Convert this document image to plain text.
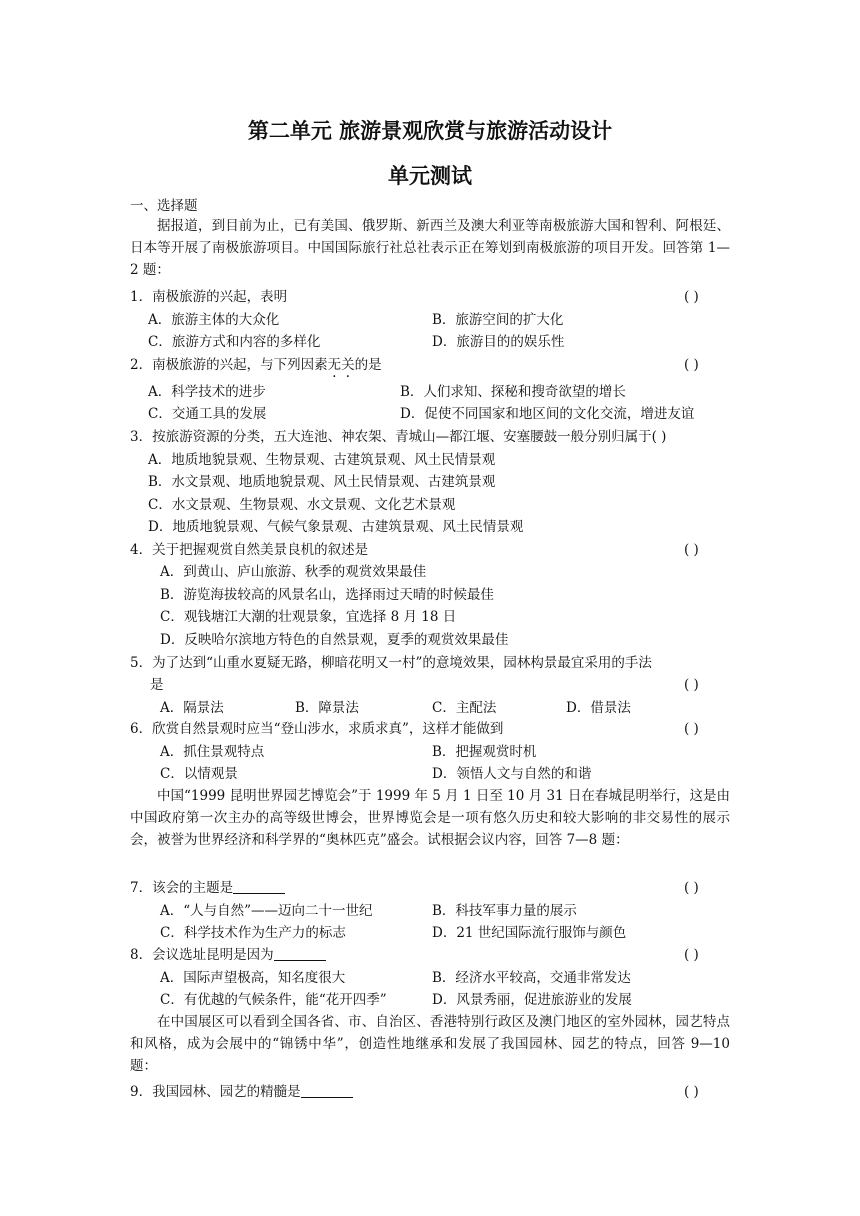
第二单元 旅游景观欣赏与旅游活动设计
单元测试
一、选择题
据报道，到目前为止，已有美国、俄罗斯、新西兰及澳大利亚等南极旅游大国和智利、阿根廷、日本等开展了南极旅游项目。中国国际旅行社总社表示正在筹划到南极旅游的项目开发。回答第 1—2 题：
1．南极旅游的兴起，表明	( )
A．旅游主体的大众化	B．旅游空间的扩大化
C．旅游方式和内容的多样化	D．旅游目的的娱乐性
2．南极旅游的兴起，与下列因素无关的是	( )
A．科学技术的进步	B．人们求知、探秘和搜奇欲望的增长
C．交通工具的发展	D．促使不同国家和地区间的文化交流，增进友谊
3．按旅游资源的分类，五大连池、神农架、青城山—都江堰、安塞腰鼓一般分别归属于( )
A．地质地貌景观、生物景观、古建筑景观、风土民情景观
B．水文景观、地质地貌景观、风土民情景观、古建筑景观
C．水文景观、生物景观、水文景观、文化艺术景观
D．地质地貌景观、气候气象景观、古建筑景观、风土民情景观
4．关于把握观赏自然美景良机的叙述是	( )
A．到黄山、庐山旅游、秋季的观赏效果最佳
B．游览海拔较高的风景名山，选择雨过天晴的时候最佳
C．观钱塘江大潮的壮观景象，宜选择 8 月 18 日
D．反映哈尔滨地方特色的自然景观，夏季的观赏效果最佳
5．为了达到“山重水夏疑无路，柳暗花明又一村”的意境效果，园林构景最宜采用的手法
是	( )
A．隔景法	B．障景法	C．主配法	D．借景法
6．欣赏自然景观时应当“登山涉水，求质求真”，这样才能做到	( )
A．抓住景观特点	B．把握观赏时机
C．以情观景	D．领悟人文与自然的和谐
中国“1999 昆明世界园艺博览会”于 1999 年 5 月 1 日至 10 月 31 日在春城昆明举行，这是由中国政府第一次主办的高等级世博会，世界博览会是一项有悠久历史和较大影响的非交易性的展示会，被誉为世界经济和科学界的“奥林匹克”盛会。试根据会议内容，回答 7—8 题：
7．该会的主题是	( )
A．“人与自然”——迈向二十一世纪	B．科技军事力量的展示
C．科学技术作为生产力的标志	D．21 世纪国际流行服饰与颜色
8．会议选址昆明是因为	( )
A．国际声望极高，知名度很大	B．经济水平较高，交通非常发达
C．有优越的气候条件，能“花开四季”	D．风景秀丽，促进旅游业的发展
在中国展区可以看到全国各省、市、自治区、香港特别行政区及澳门地区的室外园林，园艺特点和风格，成为会展中的“锦锈中华”，创造性地继承和发展了我国园林、园艺的特点，回答 9—10 题：
9．我国园林、园艺的精髓是	( )
